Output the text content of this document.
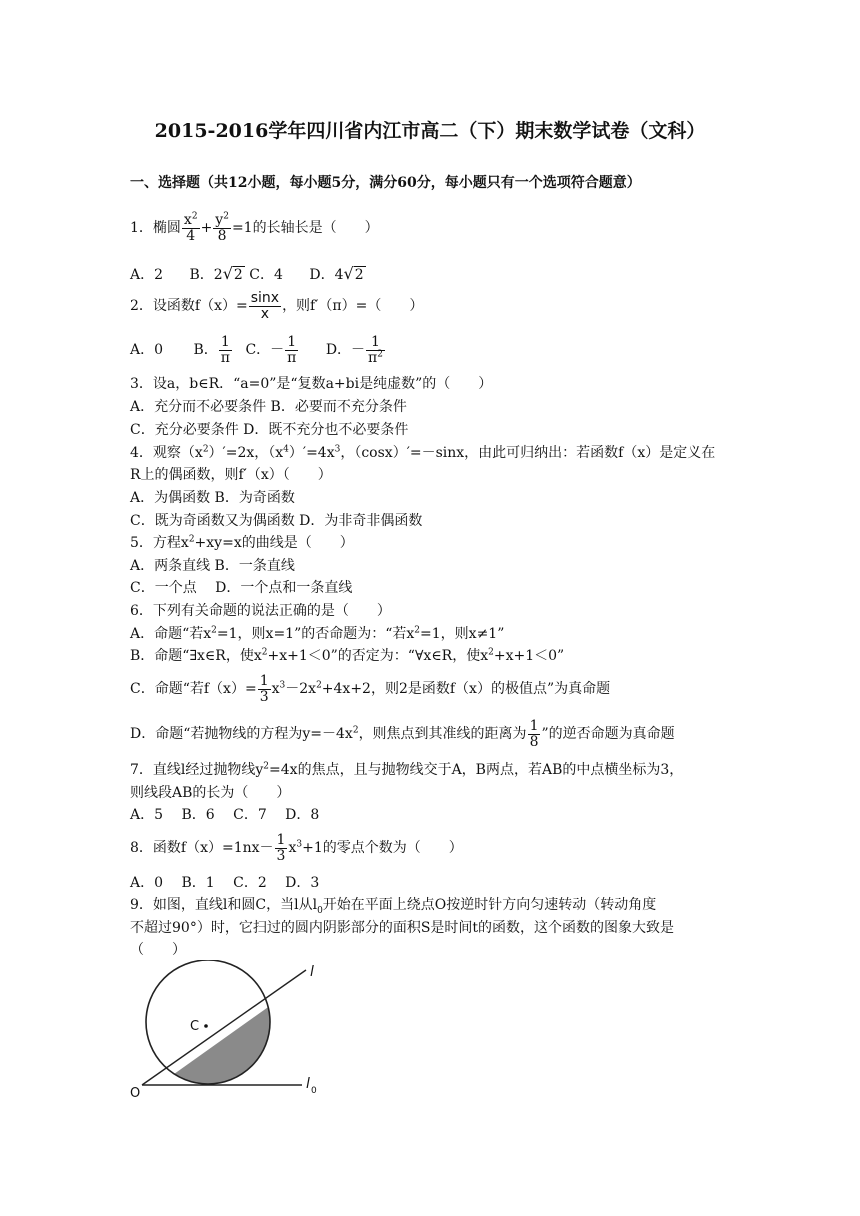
2015-2016学年四川省内江市高二（下）期末数学试卷（文科）
一、选择题（共12小题，每小题5分，满分60分，每小题只有一个选项符合题意）
1．椭圆 $\frac{x^2}{4} + \frac{y^2}{8} =1$的长轴长是（　　）
A．2 B．2√2 C．4 D．4√2
2．设函数$f(x)= \frac{\sin x}{x}$ ，则f′（π）=（　　）
A．0 B． $\frac{1}{\pi}$ C．－ $\frac{1}{\pi}$ D．－ $\frac{1}{\pi^2}$
3．设a，b∈R．“a=0”是“复数a+bi是纯虚数”的（　　）
A．充分而不必要条件 B．必要而不充分条件
C．充分必要条件 D．既不充分也不必要条件
4．观察$(x^2)'=2x$，$(x^4)'=4x^3$，（cosx）′=－sinx，由此可归纳出：若函数f（x）是定义在
R上的偶函数，则f′（x）（　　）
A．为偶函数 B．为奇函数
C．既为奇函数又为偶函数 D．为非奇非偶函数
5．方程$x^2+xy=x$的曲线是（　　）
A．两条直线 B．一条直线
C．一个点　 D．一个点和一条直线
6．下列有关命题的说法正确的是（　　）
A．命题“若$x^2=1$，则x=1”的否命题为：“若$x^2=1$，则x≠1”
B．命题“∃x∈R，使$x^2+x+1<0$”的否定为：“∀x∈R，使$x^2+x+1<0$”
C．命题“若$f(x)= \frac{1}{3} x^3-2x^2+4x+2$，则2是函数f（x）的极值点”为真命题
D．命题“若抛物线的方程为$y=-4x^2$，则焦点到其准线的距离为 $\frac{1}{8}$ ”的逆否命题为真命题
7．直线l经过抛物线$y^2=4x$的焦点，且与抛物线交于A，B两点，若AB的中点横坐标为3，
则线段AB的长为（　　）
A．5　 B．6　 C．7　 D．8
8．函数$f(x)=1nx- \frac{1}{3} x^3+1$的零点个数为（　　）
A．0　 B．1　 C．2　 D．3
9．如图，直线l和圆C，当l从$l_0$开始在平面上绕点O按逆时针方向匀速转动（转动角度
不超过90°）时，它扫过的圆内阴影部分的面积S是时间t的函数，这个函数的图象大致是
（　　）
C
O
l
l 0
